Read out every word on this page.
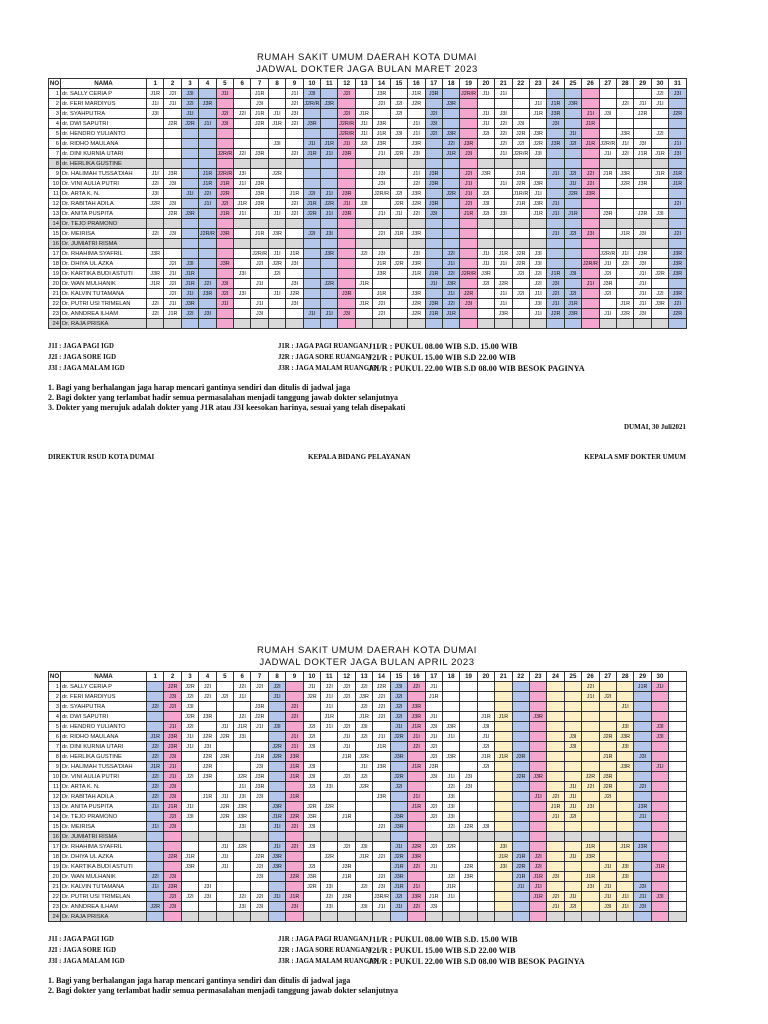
RUMAH SAKIT UMUM DAERAH KOTA DUMAI
JADWAL DOKTER JAGA BULAN MARET 2023
NO	NAMA	1	2	3	4	5	6	7	8	9	10	11	12	13	14	15	16	17	18	19	20	21	22	23	24	25	26	27	28	29	30	31
1	dr. SALLY CERIA P	J1R	J2I	J3I		J1I		J1R		J1I	J3I		J2I		J3R		J1R	J3R		J2R/R	J1I	J1I									J2I	J3I
2	dr. FERI MARDIYUS	J1I	J1I	J2I	J3R			J3I		J2I	J2R/R	J3R			J2I	J2I	J2R		J3R					J1I	J1R	J3R			J2I	J1I	J1I	
3	dr. SYAHPUTRA	J3I		J1I		J2I	J2I	J1R	J1I	J3I			J2I	J1R		J2I		J2I			J1I	J3I		J1R	J3R		J1I	J3I		J2R		J2R
4	dr. DWI SAPUTRI		J2R	J2R	J1I	J3I		J2R	J1R	J2I	J3R		J2R/R	J1I	J3R		J1I	J3I			J1I	J2I	J3I		J3I		J1R					
5	dr. HENDRO YULIANTO												J2R/R	J1I	J1R	J3I	J1I	J2I	J3R		J2I	J2I	J2R	J3R		J1I			J3R		J2I	
6	dr. RIDHO MAULANA								J3I		J1I	J1R	J1I	J2I	J3R		J3R		J2I	J3R		J2I	J2I	J2R	J3R	J2I	J1R	J2R/R	J1I	J3I		J1I
7	dr. DINI KURNIA UTARI					J2R/R	J2I	J3R		J2I	J1R	J1I	J3R		J1I	J2R	J3I		J1R	J3I		J1I	J2R/R	J3I				J1I	J2I	J1R	J1R	J3I
8	dr. HERLIKA GUSTINE																															
9	Dr. HALIMAH TUSSA'DIAH	J1I	J3R		J1R	J2R/R	J3I		J2R						J3I		J1I	J3R		J2I	J3R		J1R		J1I	J2I	J2I	J1R	J3R		J1R	J1R
10	Dr. VINI AULIA PUTRI	J2I	J3I		J1R	J1R	J1I	J3R							J3I		J2I	J3R		J1I		J1I	J2R	J3R		J1I	J2I		J2R	J3R		J1R
11	Dr. ARTA K. N.	J3I		J1I	J2I	J2R		J3R		J1R	J2I	J1I	J3R		J2R/R	J2I	J3R		J2R	J1I	J2I		J1R/R	J1I		J2R	J3R					
12	Dr. RABITAH ADILA	J2R	J3I		J1I	J2I	J1R	J3R		J2I	J1R	J2R	J1I	J3I		J2R	J2R	J3R		J2I	J3I		J1R	J3R	J1I							J2I
13	Dr. ANITA PUSPITA		J2R	J3R		J1R	J1I		J1I	J2I	J2R	J1I	J3R		J1I	J1I	J2I	J3I		J1R	J2I	J3I		J1R	J1I	J1R		J3R		J2R	J3I	
14	Dr. TEJO PRAMONO																															
15	Dr. MEIRISA	J2I	J3I		J2R/R	J3R		J1R	J3R		J2I	J3I			J2I	J1R	J3R								J1I	J2I	J3I		J1R	J3I		J2I
16	Dr. JUMIATRI RISMA																															
17	Dr. RHAHIMA SYAFRIL	J3R						J2R/R	J1I	J1R		J3R		J2I	J3I		J3I		J2I		J1I	J1R	J2R	J3I				J2R/R	J1I	J3R		J3R
18	Dr. DHIYA UL AZKA		J2I	J3I		J3R		J2I	J2R	J3I					J1R	J2R	J3R		J1I		J1I	J1I	J2R	J3I			J2R/R	J1I	J2I	J3I		J3R
19	Dr. KARTIKA BUDI ASTUTI	J3R	J1I	J1R			J3I		J2I						J3R		J1R	J1R	J2I	J2R/R	J3R		J2I	J2I	J1R	J3I		J2I		J1I	J2R	J3R
20	Dr. WAN MULHANIK	J1R	J2I	J1R	J2I	J3I		J1I		J3I		J2R		J1R				J1I	J3R		J2I	J2R		J2I	J3I		J1I	J3R		J1I		
21	Dr. KALVIN TUTAMANA		J2I	J1I	J3R	J2I	J3I		J1I	J2R			J3R		J1R		J3R		J1I	J2R		J1I	J2I	J1I	J2I	J2I		J2I		J1I	J2I	J3R
22	Dr. PUTRI USI TRIMELAN	J2I	J1I	J3R		J1I		J1I		J3I				J1R	J2I		J2R	J3R	J2I	J3I		J1I		J3I	J1I	J1R			J1R	J1I	J3R	J2I
23	Dr. ANNDREA ILHAM	J2I	J1R	J2I	J3I			J3I			J1I	J1I	J3I		J2I		J2R	J1R	J1R			J3R		J1I	J2R	J3R		J1I	J2R	J3I		J2R
24	Dr. RAJA PRISKA																															
J1I : JAGA PAGI IGD
J2I : JAGA SORE IGD
J3I : JAGA MALAM IGD
J1R : JAGA PAGI RUANGAN
J2R : JAGA SORE RUANGAN
J3R : JAGA MALAM RUANGAN
J1I/R : PUKUL 08.00 WIB S.D. 15.00 WIB
J2I/R : PUKUL 15.00 WIB S.D 22.00 WIB
J3I/R : PUKUL 22.00 WIB S.D 08.00 WIB BESOK PAGINYA
1. Bagi yang berhalangan jaga harap mencari gantinya sendiri dan ditulis di jadwal jaga
2. Bagi dokter yang terlambat hadir semua permasalahan menjadi tanggung jawab dokter selanjutnya
3. Dokter yang merujuk adalah dokter yang J1R atau J3I keesokan harinya, sesuai yang telah disepakati
DUMAI, 30 Juli2021
DIREKTUR RSUD KOTA DUMAI	KEPALA BIDANG PELAYANAN	KEPALA SMF DOKTER UMUM
RUMAH SAKIT UMUM DAERAH KOTA DUMAI
JADWAL DOKTER JAGA BULAN APRIL 2023
NO	NAMA	1	2	3	4	5	6	7	8	9	10	11	12	13	14	15	16	17	18	19	20	21	22	23	24	25	26	27	28	29	30	
1	dr. SALLY CERIA P		J2R	J2R	J2I		J2I	J2I	J2I		J1I	J2I	J2I	J2I	J2R	J3I	J2I	J1I									J2I			J1R	J1I	
2	dr. FERI MARDIYUS		J3I	J2I	J2I	J2I	J1I		J1I		J2R	J1I	J2I	J3R	J2I	J2I		J1R									J1I	J2I				
3	dr. SYAHPUTRA	J2I	J2I	J3I				J3R		J2I		J1I		J2I	J2I	J2I	J3R												J1I			
4	dr. DWI SAPUTRI			J2R	J3R		J2I	J2R		J2I		J1R		J1R	J2I	J2I	J3R	J1I			J1R	J1R		J3R								
5	dr. HENDRO YULIANTO		J1I	J2I		J1I	J1R	J1I	J3I		J2I	J1I	J2I	J3I		J1I	J1R	J3I	J3R		J3I								J3I		J3I	
6	dr. RIDHO MAULANA	J1R	J3R	J1I	J2R	J2R	J3I			J1I	J2I		J1I	J2I	J1I	J2R	J1I	J1I	J1I		J1I					J3I		J2R	J3R		J3I	
7	dr. DINI KURNIA UTARI	J2I	J3R	J1I	J3I				J2R	J1I	J3I		J1I		J1R		J2I	J2I			J2I					J3I			J3I			
8	dr. HERLIKA GUSTINE	J2I	J3I		J2R	J3R		J1R	J2R	J3R			J1R	J2R		J3R		J2I	J3R		J1R	J1R	J3R					J1R		J3I		
9	Dr. HALIMAH TUSSA'DIAH	J1R	J1I		J2R			J3I		J1R	J3I			J1I	J3R		J1R	J3R			J2I								J3R		J1I	
10	Dr. VINI AULIA PUTRI	J2I	J1I	J2I	J3R		J2R	J3R		J1R	J3I		J2I	J2I		J2R		J3I	J1I	J3I			J2R	J3R			J2R	J3R				
11	Dr. ARTA K. N.	J2I	J3I				J1I	J3R			J2I	J3I		J2R		J2I			J2I	J3I						J1I	J2I	J2R		J2I		
12	Dr. RABITAH ADILA	J2I	J3I		J1R	J1I	J3I	J3I		J1R					J3R		J1I		J3I					J1I	J2I	J1I		J2I				
13	Dr. ANITA PUSPITA	J1I	J1R	J1I		J2R	J3R		J3R		J2R	J2R					J1R	J2I	J3I						J1R	J1I	J3I			J3R		
14	Dr. TEJO PRAMONO		J2I	J3I		J2R	J3R		J1R	J2R	J3R		J1R			J3R		J2I	J3I						J1I	J2I				J1I		
15	Dr. MEIRISA	J1I	J3I				J3I		J1I	J2I	J3I				J2I	J3R			J2I	J2R	J3I											
16	Dr. JUMIATRI RISMA																															
17	Dr. RHAHIMA SYAFRIL					J1I	J2R		J1I	J2I	J3I		J2I	J3I		J1I	J2R	J2I	J2R			J3I					J1R		J1R	J3R		
18	Dr. DHIYA UL AZKA		J2R	J1R		J1I		J2R	J3R			J2R		J1R	J2I	J2R	J3R					J1R	J1R	J2I		J1I	J3R					
19	Dr. KARTIKA BUDI ASTUTI			J3R		J1I		J2I	J3R		J2I		J3R			J1R	J2I	J1I		J2R		J3I	J2R	J2I				J1I	J3I		J1R	
20	Dr. WAN MULHANIK	J2I	J3I					J3I		J2R	J3R		J1R		J2I	J3R			J2I	J3R			J1R	J1R	J3I		J1R		J3I			
21	Dr. KALVIN TUTAMANA	J1I	J3R		J3I						J2R	J3I		J2I	J3I	J1R	J1I		J1R				J1I	J1I			J3I	J1I		J3I		
22	Dr. PUTRI USI TRIMELAN		J2I	J2I	J3I		J2I	J2I	J1I	J1R		J2I	J3R		J3R/R	J2I	J3R	J1R	J1I					J1R	J2I	J1I		J1I	J1I	J1I	J3I	
23	Dr. ANNDREA ILHAM	J2R	J3I				J3I	J3I		J3I		J3I		J3I	J1I	J1I	J2I	J3I							J1I	J2I		J3I	J1I	J3I		
24	Dr. RAJA PRISKA																															
J1I : JAGA PAGI IGD
J2I : JAGA SORE IGD
J3I : JAGA MALAM IGD
J1R : JAGA PAGI RUANGAN
J2R : JAGA SORE RUANGAN
J3R : JAGA MALAM RUANGAN
J1I/R : PUKUL 08.00 WIB S.D. 15.00 WIB
J2I/R : PUKUL 15.00 WIB S.D 22.00 WIB
J3I/R : PUKUL 22.00 WIB S.D 08.00 WIB BESOK PAGINYA
1. Bagi yang berhalangan jaga harap mencari gantinya sendiri dan ditulis di jadwal jaga
2. Bagi dokter yang terlambat hadir semua permasalahan menjadi tanggung jawab dokter selanjutnya
